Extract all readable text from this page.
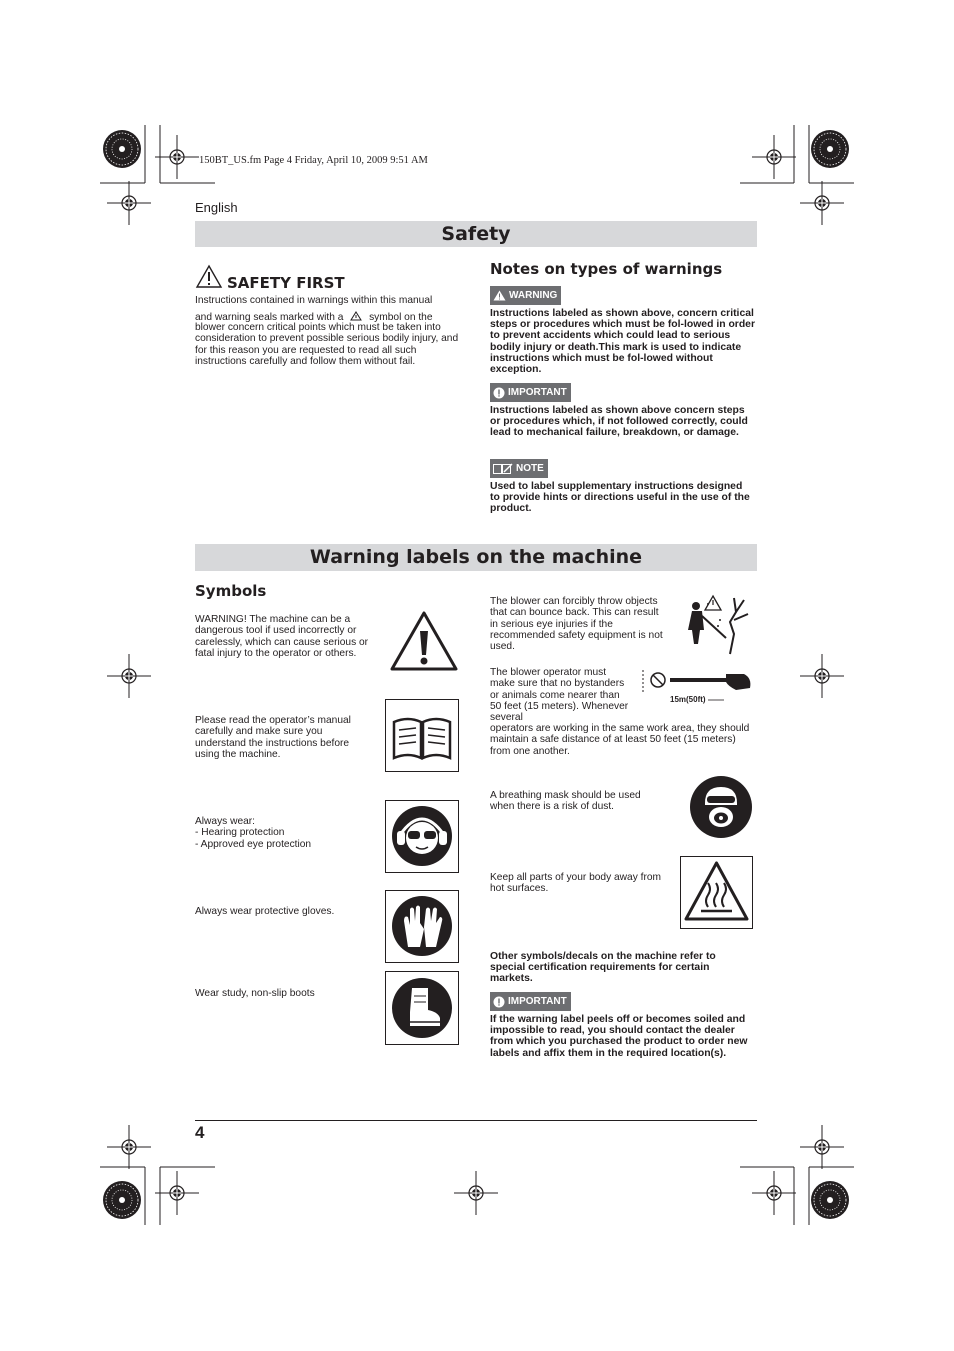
150BT_US.fm Page 4 Friday, April 10, 2009 9:51 AM
English
Safety
SAFETY FIRST
Instructions contained in warnings within this manual
and warning seals marked with a	symbol on the
blower concern critical points which must be taken into consideration to prevent possible serious bodily injury, and for this reason you are requested to read all such instructions carefully and follow them without fail.
Notes on types of warnings
WARNING
Instructions labeled as shown above, concern critical steps or procedures which must be fol-lowed in order to prevent accidents which could lead to serious bodily injury or death.This mark is used to indicate instructions which must be fol-lowed without exception.
IMPORTANT
Instructions labeled as shown above concern steps or procedures which, if not followed correctly, could lead to mechanical failure, breakdown, or damage.
NOTE
Used to label supplementary instructions designed to provide hints or directions useful in the use of the product.
Warning labels on the machine
Symbols
WARNING! The machine can be a dangerous tool if used incorrectly or carelessly, which can cause serious or fatal injury to the operator or others.
Please read the operator’s manual carefully and make sure you understand the instructions before using the machine.
Always wear:
- Hearing protection
- Approved eye protection
Always wear protective gloves.
Wear study, non-slip boots
The blower can forcibly throw objects that can bounce back. This can result in serious eye injuries if the recommended safety equipment is not used.
The blower operator must make sure that no bystanders or animals come nearer than 50 feet (15 meters). Whenever several
operators are working in the same work area, they should maintain a safe distance of at least 50 feet (15 meters) from one another.
15m(50ft)
A breathing mask should be used when there is a risk of dust.
Keep all parts of your body away from hot surfaces.
Other symbols/decals on the machine refer to special certification requirements for certain markets.
IMPORTANT
If the warning label peels off or becomes soiled and impossible to read, you should contact the dealer from which you purchased the product to order new labels and affix them in the required location(s).
4
